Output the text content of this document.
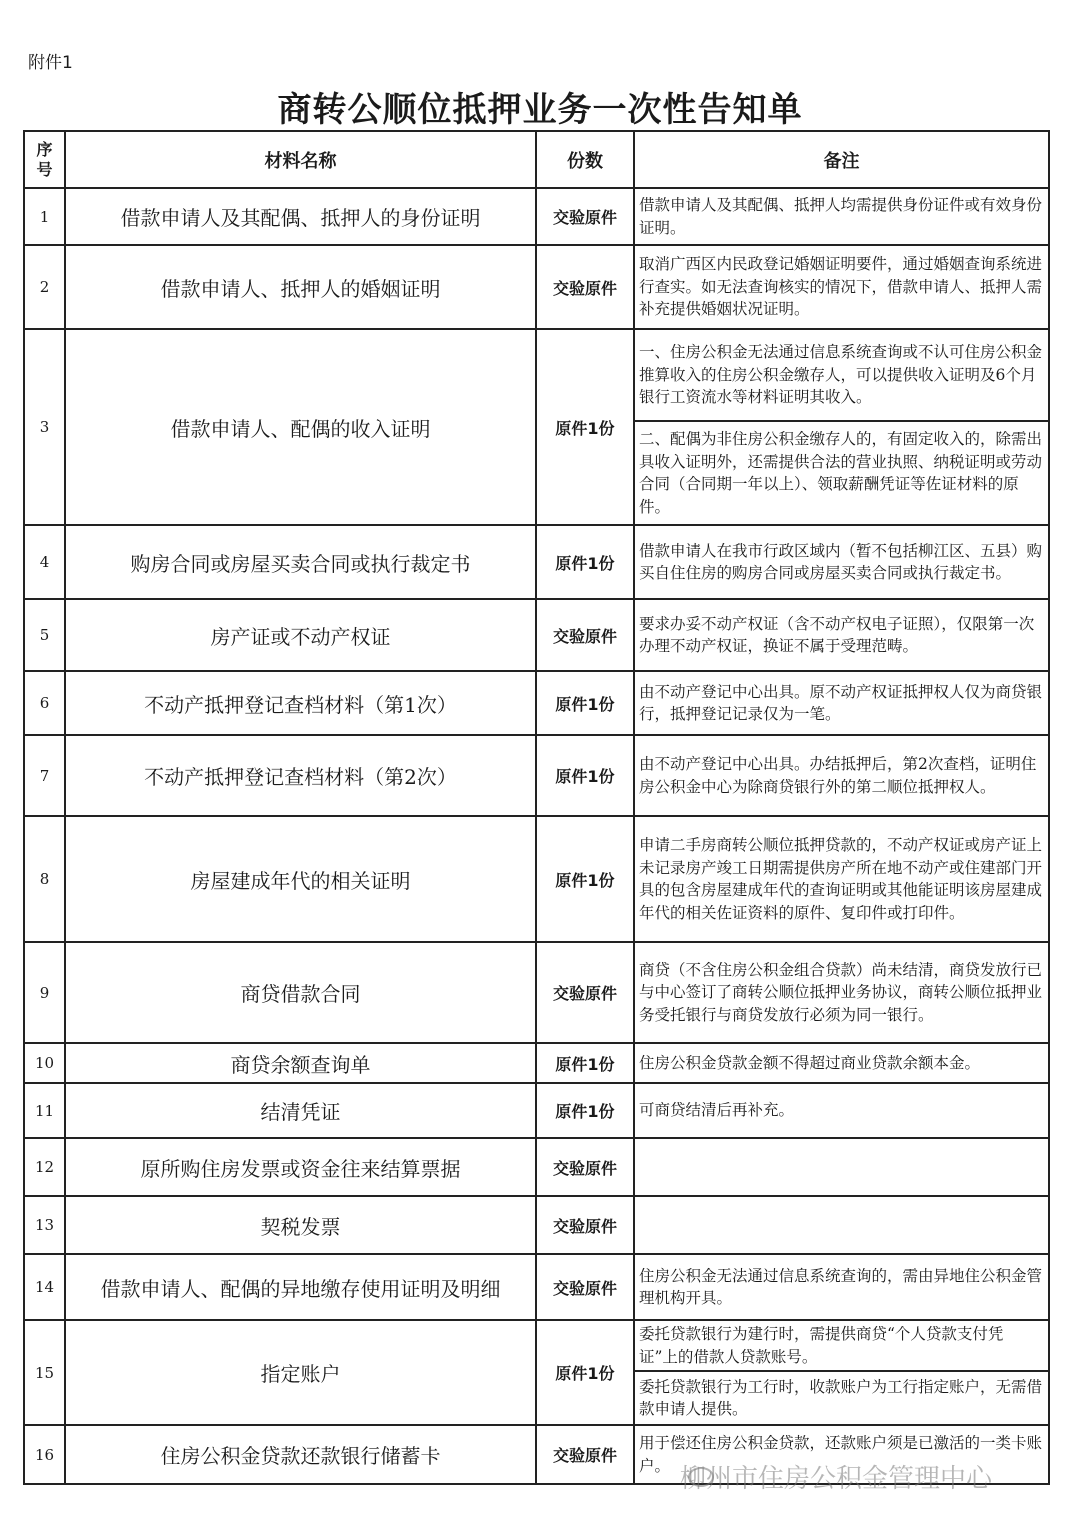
附件1
商转公顺位抵押业务一次性告知单
序
号	材料名称	份数	备注
1	借款申请人及其配偶、抵押人的身份证明	交验原件	借款申请人及其配偶、抵押人均需提供身份证件或有效身份证明。
2	借款申请人、抵押人的婚姻证明	交验原件	取消广西区内民政登记婚姻证明要件，通过婚姻查询系统进行查实。如无法查询核实的情况下，借款申请人、抵押人需补充提供婚姻状况证明。
3	借款申请人、配偶的收入证明	原件1份	一、住房公积金无法通过信息系统查询或不认可住房公积金推算收入的住房公积金缴存人，可以提供收入证明及6个月银行工资流水等材料证明其收入。
			二、配偶为非住房公积金缴存人的，有固定收入的，除需出具收入证明外，还需提供合法的营业执照、纳税证明或劳动合同（合同期一年以上）、领取薪酬凭证等佐证材料的原件。
4	购房合同或房屋买卖合同或执行裁定书	原件1份	借款申请人在我市行政区域内（暂不包括柳江区、五县）购买自住住房的购房合同或房屋买卖合同或执行裁定书。
5	房产证或不动产权证	交验原件	要求办妥不动产权证（含不动产权电子证照），仅限第一次办理不动产权证，换证不属于受理范畴。
6	不动产抵押登记查档材料（第1次）	原件1份	由不动产登记中心出具。原不动产权证抵押权人仅为商贷银行，抵押登记记录仅为一笔。
7	不动产抵押登记查档材料（第2次）	原件1份	由不动产登记中心出具。办结抵押后，第2次查档，证明住房公积金中心为除商贷银行外的第二顺位抵押权人。
8	房屋建成年代的相关证明	原件1份	申请二手房商转公顺位抵押贷款的，不动产权证或房产证上未记录房产竣工日期需提供房产所在地不动产或住建部门开具的包含房屋建成年代的查询证明或其他能证明该房屋建成年代的相关佐证资料的原件、复印件或打印件。
9	商贷借款合同	交验原件	商贷（不含住房公积金组合贷款）尚未结清，商贷发放行已与中心签订了商转公顺位抵押业务协议，商转公顺位抵押业务受托银行与商贷发放行必须为同一银行。
10	商贷余额查询单	原件1份	住房公积金贷款金额不得超过商业贷款余额本金。
11	结清凭证	原件1份	可商贷结清后再补充。
12	原所购住房发票或资金往来结算票据	交验原件	
13	契税发票	交验原件	
14	借款申请人、配偶的异地缴存使用证明及明细	交验原件	住房公积金无法通过信息系统查询的，需由异地住公积金管理机构开具。
15	指定账户	原件1份	委托贷款银行为建行时，需提供商贷“个人贷款支付凭证”上的借款人贷款账号。
			委托贷款银行为工行时，收款账户为工行指定账户，无需借款申请人提供。
16	住房公积金贷款还款银行储蓄卡	交验原件	用于偿还住房公积金贷款，还款账户须是已激活的一类卡账户。 柳州市住房公积金管理中心
